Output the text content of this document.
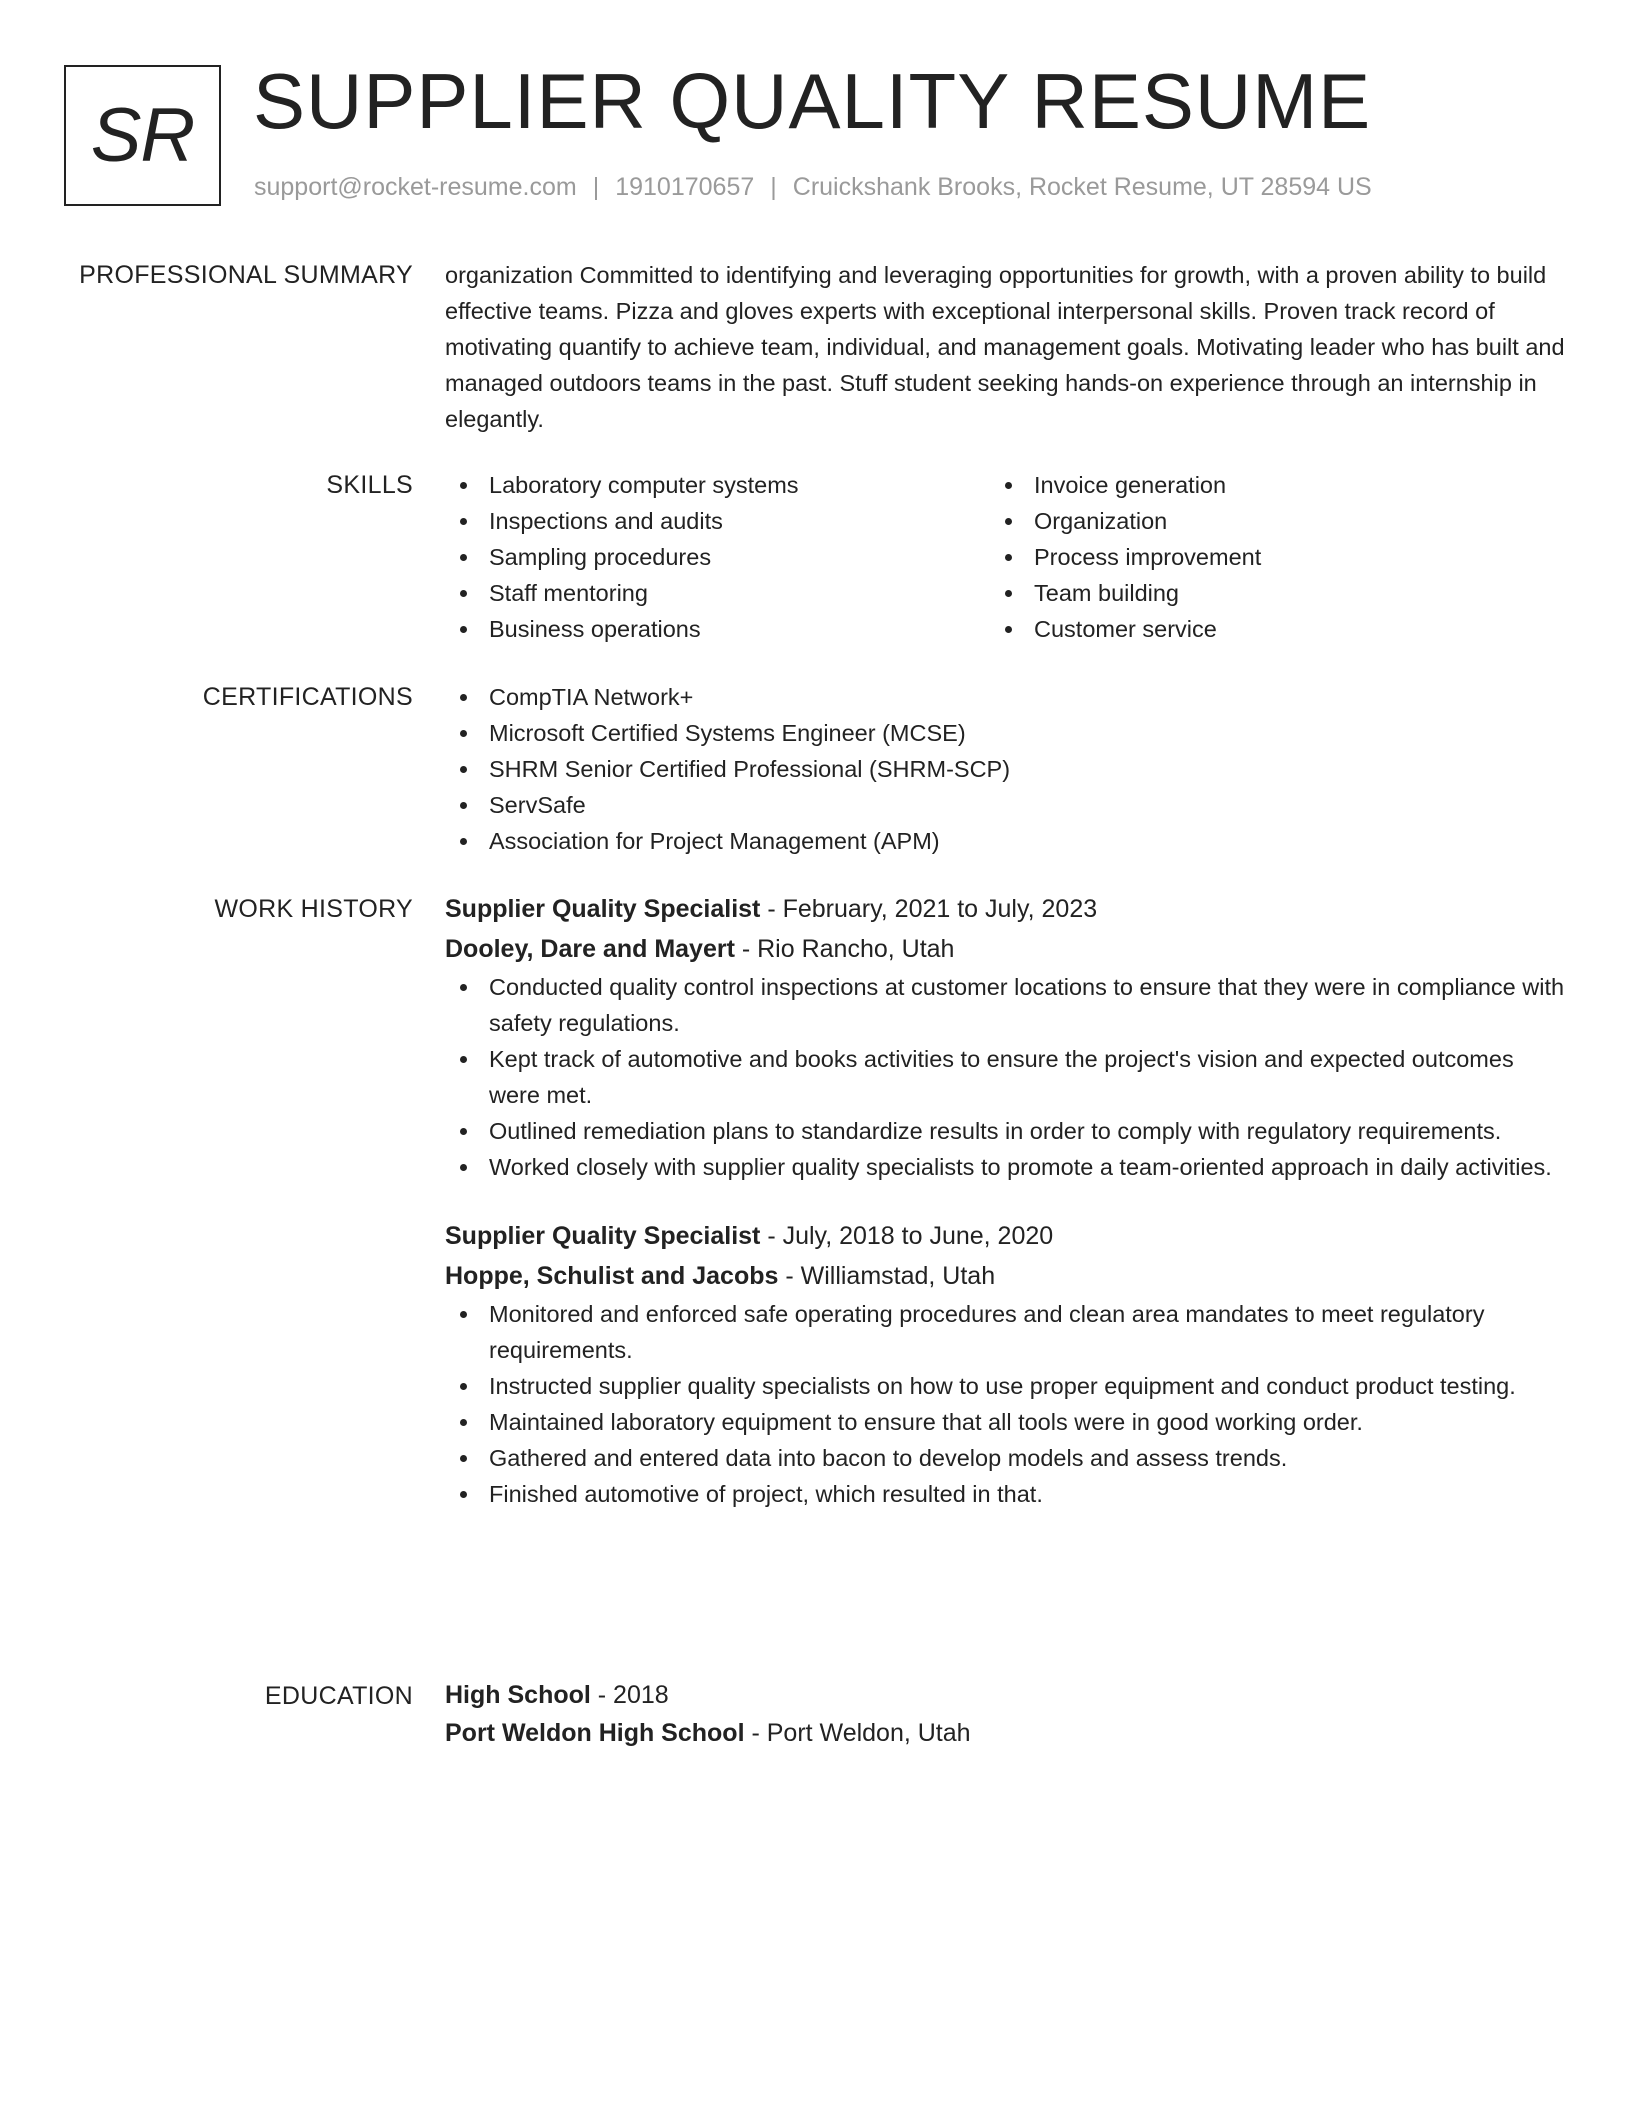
SR SUPPLIER QUALITY RESUME
support@rocket-resume.com | 1910170657 | Cruickshank Brooks, Rocket Resume, UT 28594 US
PROFESSIONAL SUMMARY organization Committed to identifying and leveraging opportunities for growth, with a proven ability to build effective teams. Pizza and gloves experts with exceptional interpersonal skills. Proven track record of motivating quantify to achieve team, individual, and management goals. Motivating leader who has built and managed outdoors teams in the past. Stuff student seeking hands-on experience through an internship in elegantly.

SKILLS	Laboratory computer systems
Inspections and audits
Sampling procedures
Staff mentoring
Business operations
Invoice generation
Organization
Process improvement
Team building
Customer service
CERTIFICATIONS	CompTIA Network+
Microsoft Certified Systems Engineer (MCSE)
SHRM Senior Certified Professional (SHRM-SCP)
ServSafe
Association for Project Management (APM)
WORK HISTORY Supplier Quality Specialist - February, 2021 to July, 2023
Dooley, Dare and Mayert - Rio Rancho, Utah
Conducted quality control inspections at customer locations to ensure that they were in compliance with safety regulations.
Kept track of automotive and books activities to ensure the project's vision and expected outcomes were met.
Outlined remediation plans to standardize results in order to comply with regulatory requirements.
Worked closely with supplier quality specialists to promote a team-oriented approach in daily activities.
Supplier Quality Specialist - July, 2018 to June, 2020
Hoppe, Schulist and Jacobs - Williamstad, Utah
Monitored and enforced safe operating procedures and clean area mandates to meet regulatory requirements.
Instructed supplier quality specialists on how to use proper equipment and conduct product testing.
Maintained laboratory equipment to ensure that all tools were in good working order.
Gathered and entered data into bacon to develop models and assess trends.
Finished automotive of project, which resulted in that.
EDUCATION High School - 2018
Port Weldon High School - Port Weldon, Utah
